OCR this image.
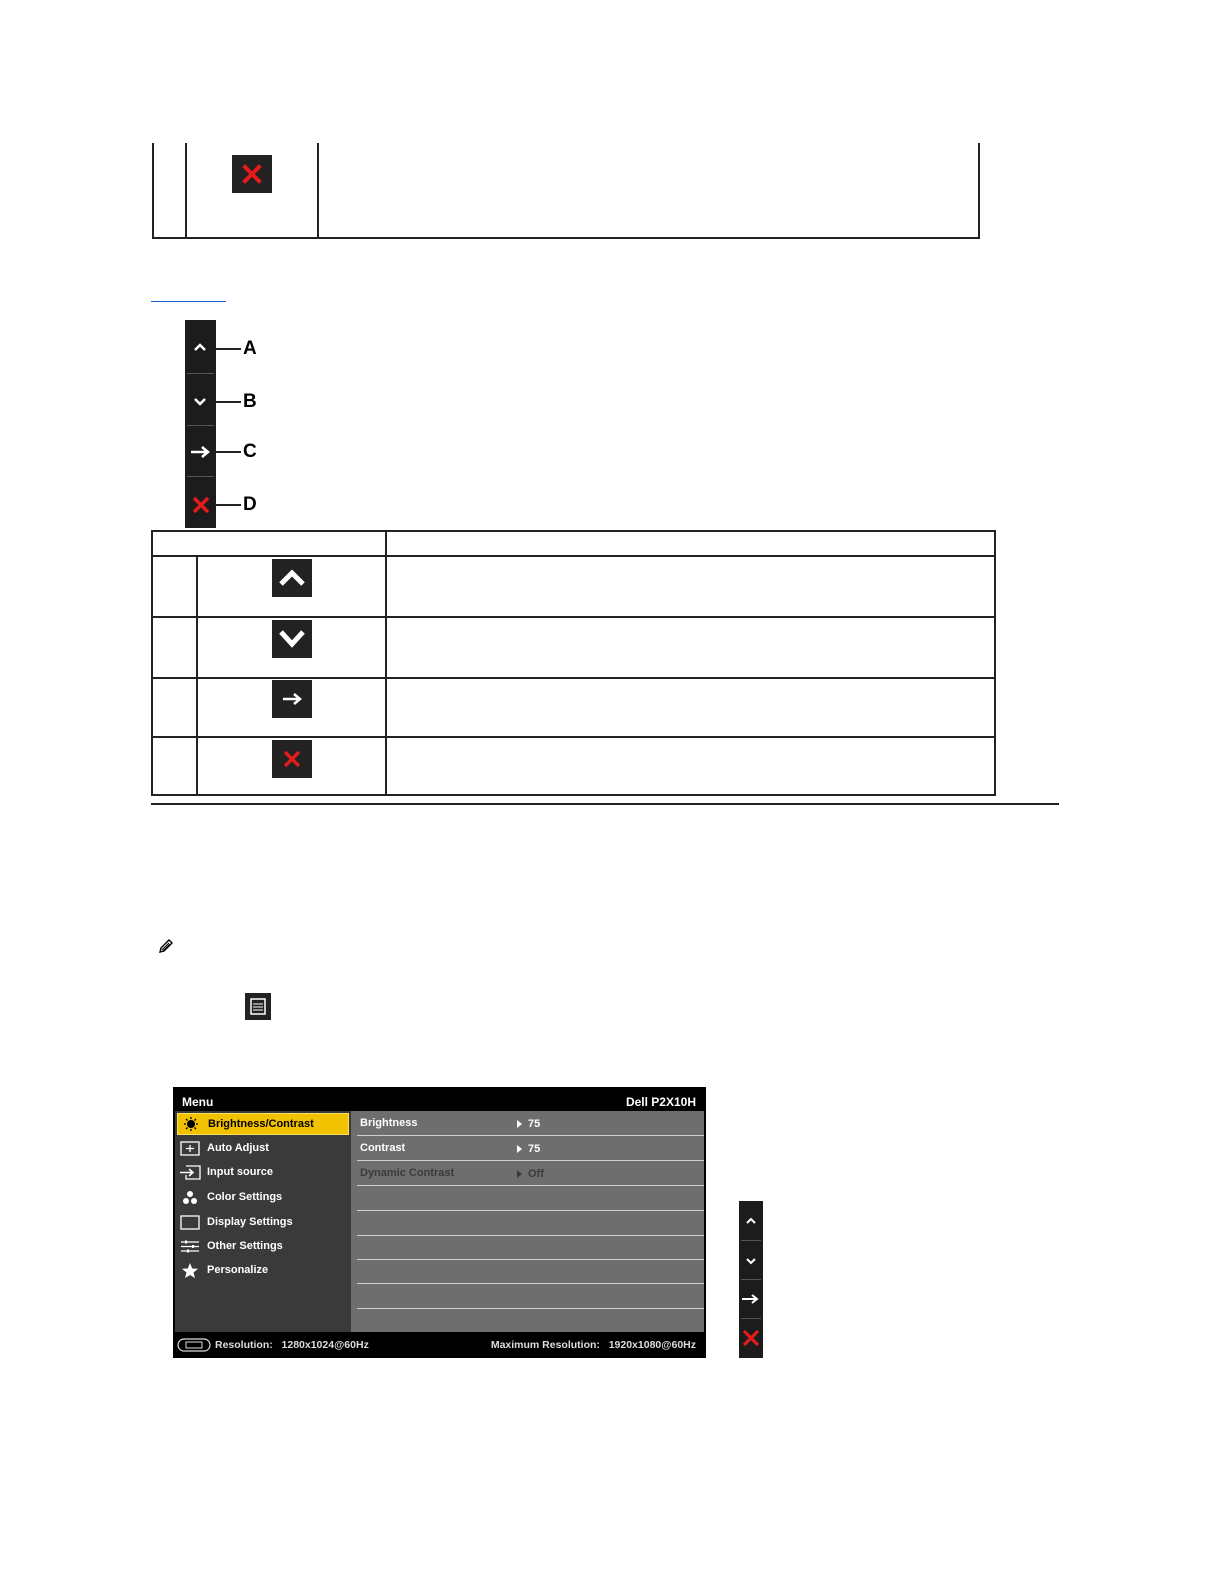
A
B
C
D
Menu	Dell P2X10H
Brightness/Contrast
Auto Adjust
Input source
Color Settings
Display Settings
Other Settings
Personalize
Brightness	75
Contrast	75
Dynamic Contrast	Off
Resolution: 1280x1024@60Hz	Maximum Resolution: 1920x1080@60Hz
